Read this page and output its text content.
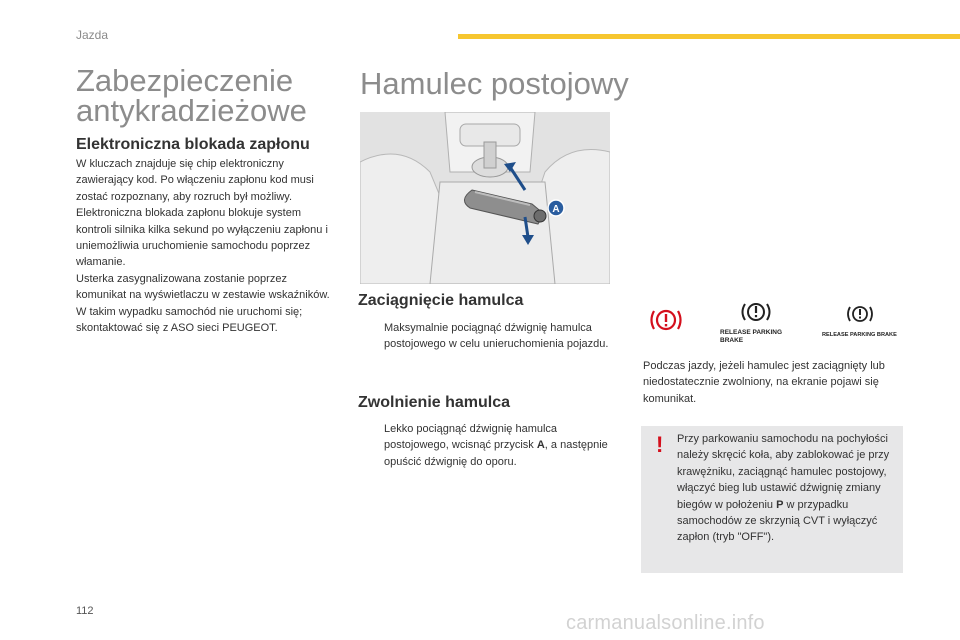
Jazda
Zabezpieczenie
antykradzieżowe
Elektroniczna blokada zapłonu

W kluczach znajduje się chip elektroniczny zawierający kod. Po włączeniu zapłonu kod musi zostać rozpoznany, aby rozruch był możliwy.

Elektroniczna blokada zapłonu blokuje system kontroli silnika kilka sekund po wyłączeniu zapłonu i uniemożliwia uruchomienie samochodu poprzez włamanie.

Usterka zasygnalizowana zostanie poprzez komunikat na wyświetlaczu w zestawie wskaźników.

W takim wypadku samochód nie uruchomi się; skontaktować się z ASO sieci PEUGEOT.

Hamulec postojowy
A
Zaciągnięcie hamulca
Maksymalnie pociągnąć dźwignię hamulca postojowego w celu unieruchomienia pojazdu.
Zwolnienie hamulca
Lekko pociągnąć dźwignię hamulca postojowego, wcisnąć przycisk A, a następnie opuścić dźwignię do oporu.
RELEASE PARKING
BRAKE
RELEASE PARKING BRAKE
Podczas jazdy, jeżeli hamulec jest zaciągnięty lub niedostatecznie zwolniony, na ekranie pojawi się komunikat.
! Przy parkowaniu samochodu na pochyłości należy skręcić koła, aby zablokować je przy krawężniku, zaciągnąć hamulec postojowy, włączyć bieg lub ustawić dźwignię zmiany biegów w położeniu P w przypadku samochodów ze skrzynią CVT i wyłączyć zapłon (tryb "OFF").
112
carmanualsonline.info
